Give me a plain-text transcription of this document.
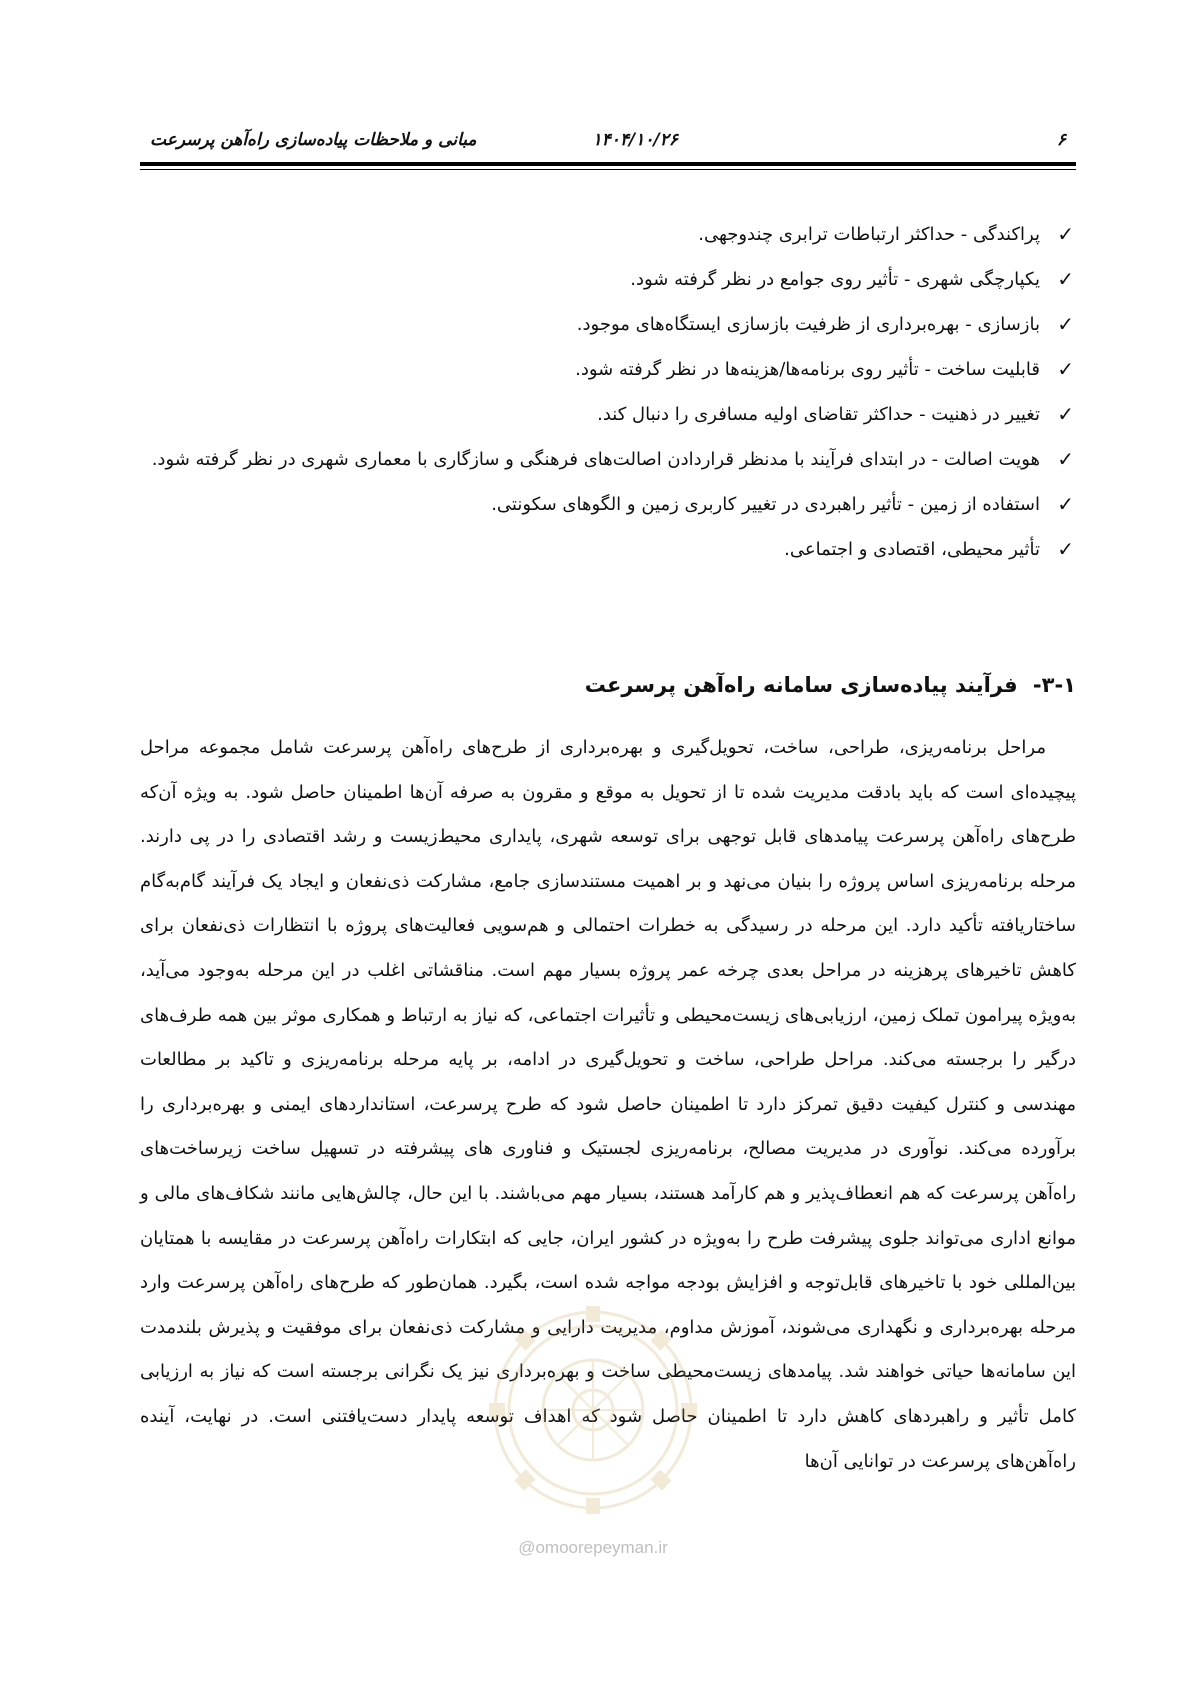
۶
۱۴۰۴/۱۰/۲۶
مبانی و ملاحظات پیاده‌سازی راه‌آهن پرسرعت
✓
پراکندگی - حداکثر ارتباطات ترابری چندوجهی.
✓
یکپارچگی شهری - تأثیر روی جوامع در نظر گرفته شود.
✓
بازسازی - بهره‌برداری از ظرفیت بازسازی ایستگاه‌های موجود.
✓
قابلیت ساخت - تأثیر روی برنامه‌ها/هزینه‌ها در نظر گرفته شود.
✓
تغییر در ذهنیت - حداکثر تقاضای اولیه مسافری را دنبال کند.
✓
هویت اصالت - در ابتدای فرآیند با مدنظر قراردادن اصالت‌های فرهنگی و سازگاری با معماری شهری در نظر گرفته شود.
✓
استفاده از زمین - تأثیر راهبردی در تغییر کاربری زمین و الگوهای سکونتی.
✓
تأثیر محیطی، اقتصادی و اجتماعی.
۳-۱- فرآیند پیاده‌سازی سامانه راه‌آهن پرسرعت

مراحل برنامه‌ریزی، طراحی، ساخت، تحویل‌گیری و بهره‌برداری از طرح‌های راه‌آهن پرسرعت شامل مجموعه مراحل پیچیده‌ای است که باید بادقت مدیریت شده تا از تحویل به موقع و مقرون به صرفه آن‌ها اطمینان حاصل شود. به ویژه آن‌که طرح‌های راه‌آهن پرسرعت پیامدهای قابل توجهی برای توسعه شهری، پایداری محیط‌زیست و رشد اقتصادی را در پی دارند. مرحله برنامه‌ریزی اساس پروژه را بنیان می‌نهد و بر اهمیت مستندسازی جامع، مشارکت ذی‌نفعان و ایجاد یک فرآیند گام‌به‌گام ساختاریافته تأکید دارد. این مرحله در رسیدگی به خطرات احتمالی و هم‌سویی فعالیت‌های پروژه با انتظارات ذی‌نفعان برای کاهش تاخیرهای پرهزینه در مراحل بعدی چرخه عمر پروژه بسیار مهم است. مناقشاتی اغلب در این مرحله به‌وجود می‌آید، به‌ویژه پیرامون تملک زمین، ارزیابی‌های زیست‌محیطی و تأثیرات اجتماعی، که نیاز به ارتباط و همکاری موثر بین همه طرف‌های درگیر را برجسته می‌کند. مراحل طراحی، ساخت و تحویل‌گیری در ادامه، بر پایه مرحله برنامه‌ریزی و تاکید بر مطالعات مهندسی و کنترل کیفیت دقیق تمرکز دارد تا اطمینان حاصل شود که طرح پرسرعت، استانداردهای ایمنی و بهره‌برداری را برآورده می‌کند. نوآوری در مدیریت مصالح، برنامه‌ریزی لجستیک و فناوری های پیشرفته در تسهیل ساخت زیرساخت‌های راه‌آهن پرسرعت که هم انعطاف‌پذیر و هم کارآمد هستند، بسیار مهم می‌باشند. با این حال، چالش‌هایی مانند شکاف‌های مالی و موانع اداری می‌تواند جلوی پیشرفت طرح را به‌ویژه در کشور ایران، جایی که ابتکارات راه‌آهن پرسرعت در مقایسه با همتایان بین‌المللی خود با تاخیرهای قابل‌توجه و افزایش بودجه مواجه شده است، بگیرد. همان‌طور که طرح‌های راه‌آهن پرسرعت وارد مرحله بهره‌برداری و نگهداری می‌شوند، آموزش مداوم، مدیریت دارایی و مشارکت ذی‌نفعان برای موفقیت و پذیرش بلندمدت این سامانه‌ها حیاتی خواهند شد. پیامدهای زیست‌محیطی ساخت و بهره‌برداری نیز یک نگرانی برجسته است که نیاز به ارزیابی کامل تأثیر و راهبردهای کاهش دارد تا اطمینان حاصل شود که اهداف توسعه پایدار دست‌یافتنی است. در نهایت، آینده راه‌آهن‌های پرسرعت در توانایی آن‌ها

@omoorepeyman.ir
